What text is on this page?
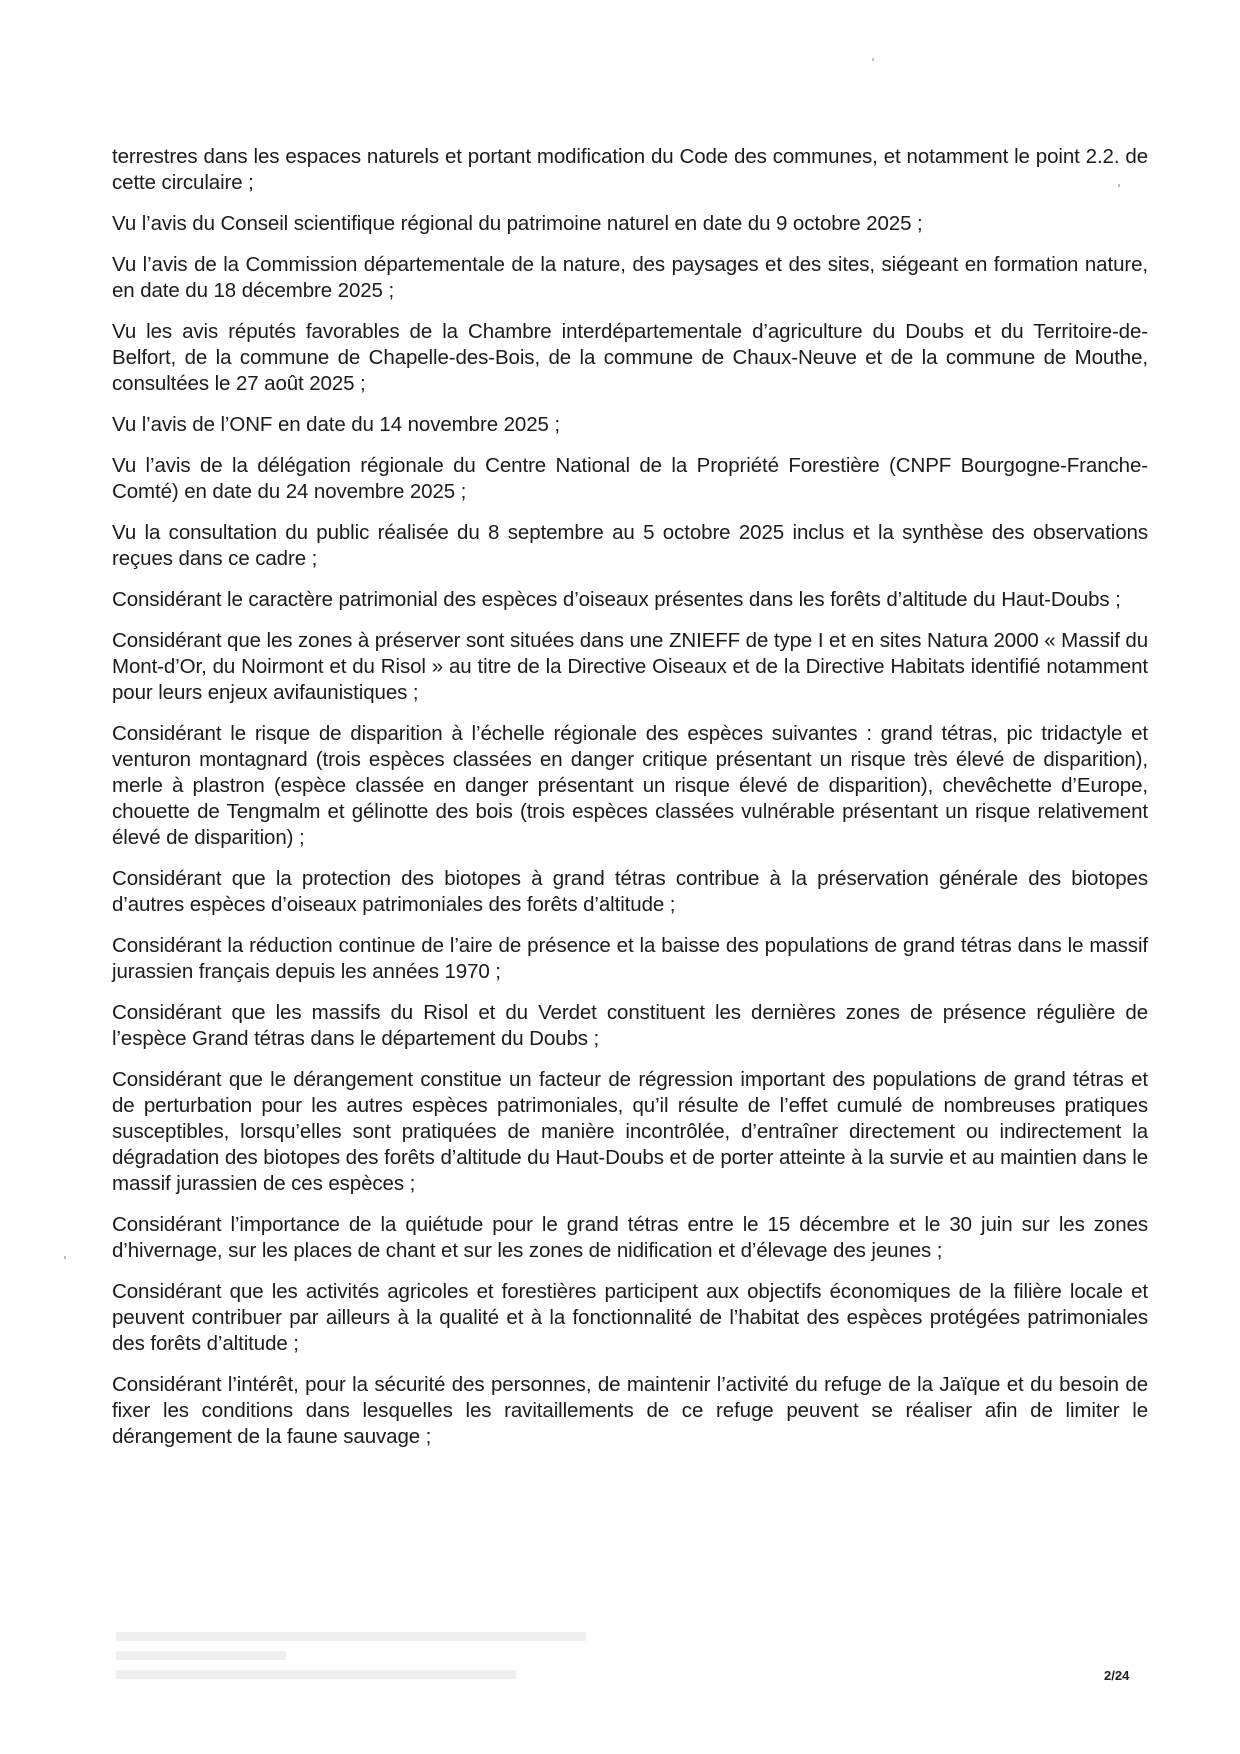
terrestres dans les espaces naturels et portant modification du Code des communes, et notamment le point 2.2. de cette circulaire ;

Vu l’avis du Conseil scientifique régional du patrimoine naturel en date du 9 octobre 2025 ;

Vu l’avis de la Commission départementale de la nature, des paysages et des sites, siégeant en formation nature, en date du 18 décembre 2025 ;

Vu les avis réputés favorables de la Chambre interdépartementale d’agriculture du Doubs et du Territoire-de-Belfort, de la commune de Chapelle-des-Bois, de la commune de Chaux-Neuve et de la commune de Mouthe, consultées le 27 août 2025 ;

Vu l’avis de l’ONF en date du 14 novembre 2025 ;

Vu l’avis de la délégation régionale du Centre National de la Propriété Forestière (CNPF Bourgogne-Franche-Comté) en date du 24 novembre 2025 ;

Vu la consultation du public réalisée du 8 septembre au 5 octobre 2025 inclus et la synthèse des observations reçues dans ce cadre ;

Considérant le caractère patrimonial des espèces d’oiseaux présentes dans les forêts d’altitude du Haut-Doubs ;

Considérant que les zones à préserver sont situées dans une ZNIEFF de type I et en sites Natura 2000 « Massif du Mont-d’Or, du Noirmont et du Risol » au titre de la Directive Oiseaux et de la Directive Habitats identifié notamment pour leurs enjeux avifaunistiques ;

Considérant le risque de disparition à l’échelle régionale des espèces suivantes : grand tétras, pic tridactyle et venturon montagnard (trois espèces classées en danger critique présentant un risque très élevé de disparition), merle à plastron (espèce classée en danger présentant un risque élevé de disparition), chevêchette d’Europe, chouette de Tengmalm et gélinotte des bois (trois espèces classées vulnérable présentant un risque relativement élevé de disparition) ;

Considérant que la protection des biotopes à grand tétras contribue à la préservation générale des biotopes d’autres espèces d’oiseaux patrimoniales des forêts d’altitude ;

Considérant la réduction continue de l’aire de présence et la baisse des populations de grand tétras dans le massif jurassien français depuis les années 1970 ;

Considérant que les massifs du Risol et du Verdet constituent les dernières zones de présence régulière de l’espèce Grand tétras dans le département du Doubs ;

Considérant que le dérangement constitue un facteur de régression important des populations de grand tétras et de perturbation pour les autres espèces patrimoniales, qu’il résulte de l’effet cumulé de nombreuses pratiques susceptibles, lorsqu’elles sont pratiquées de manière incontrôlée, d’entraîner directement ou indirectement la dégradation des biotopes des forêts d’altitude du Haut-Doubs et de porter atteinte à la survie et au maintien dans le massif jurassien de ces espèces ;

Considérant l’importance de la quiétude pour le grand tétras entre le 15 décembre et le 30 juin sur les zones d’hivernage, sur les places de chant et sur les zones de nidification et d’élevage des jeunes ;

Considérant que les activités agricoles et forestières participent aux objectifs économiques de la filière locale et peuvent contribuer par ailleurs à la qualité et à la fonctionnalité de l’habitat des espèces protégées patrimoniales des forêts d’altitude ;

Considérant l’intérêt, pour la sécurité des personnes, de maintenir l’activité du refuge de la Jaïque et du besoin de fixer les conditions dans lesquelles les ravitaillements de ce refuge peuvent se réaliser afin de limiter le dérangement de la faune sauvage ;

2/24
